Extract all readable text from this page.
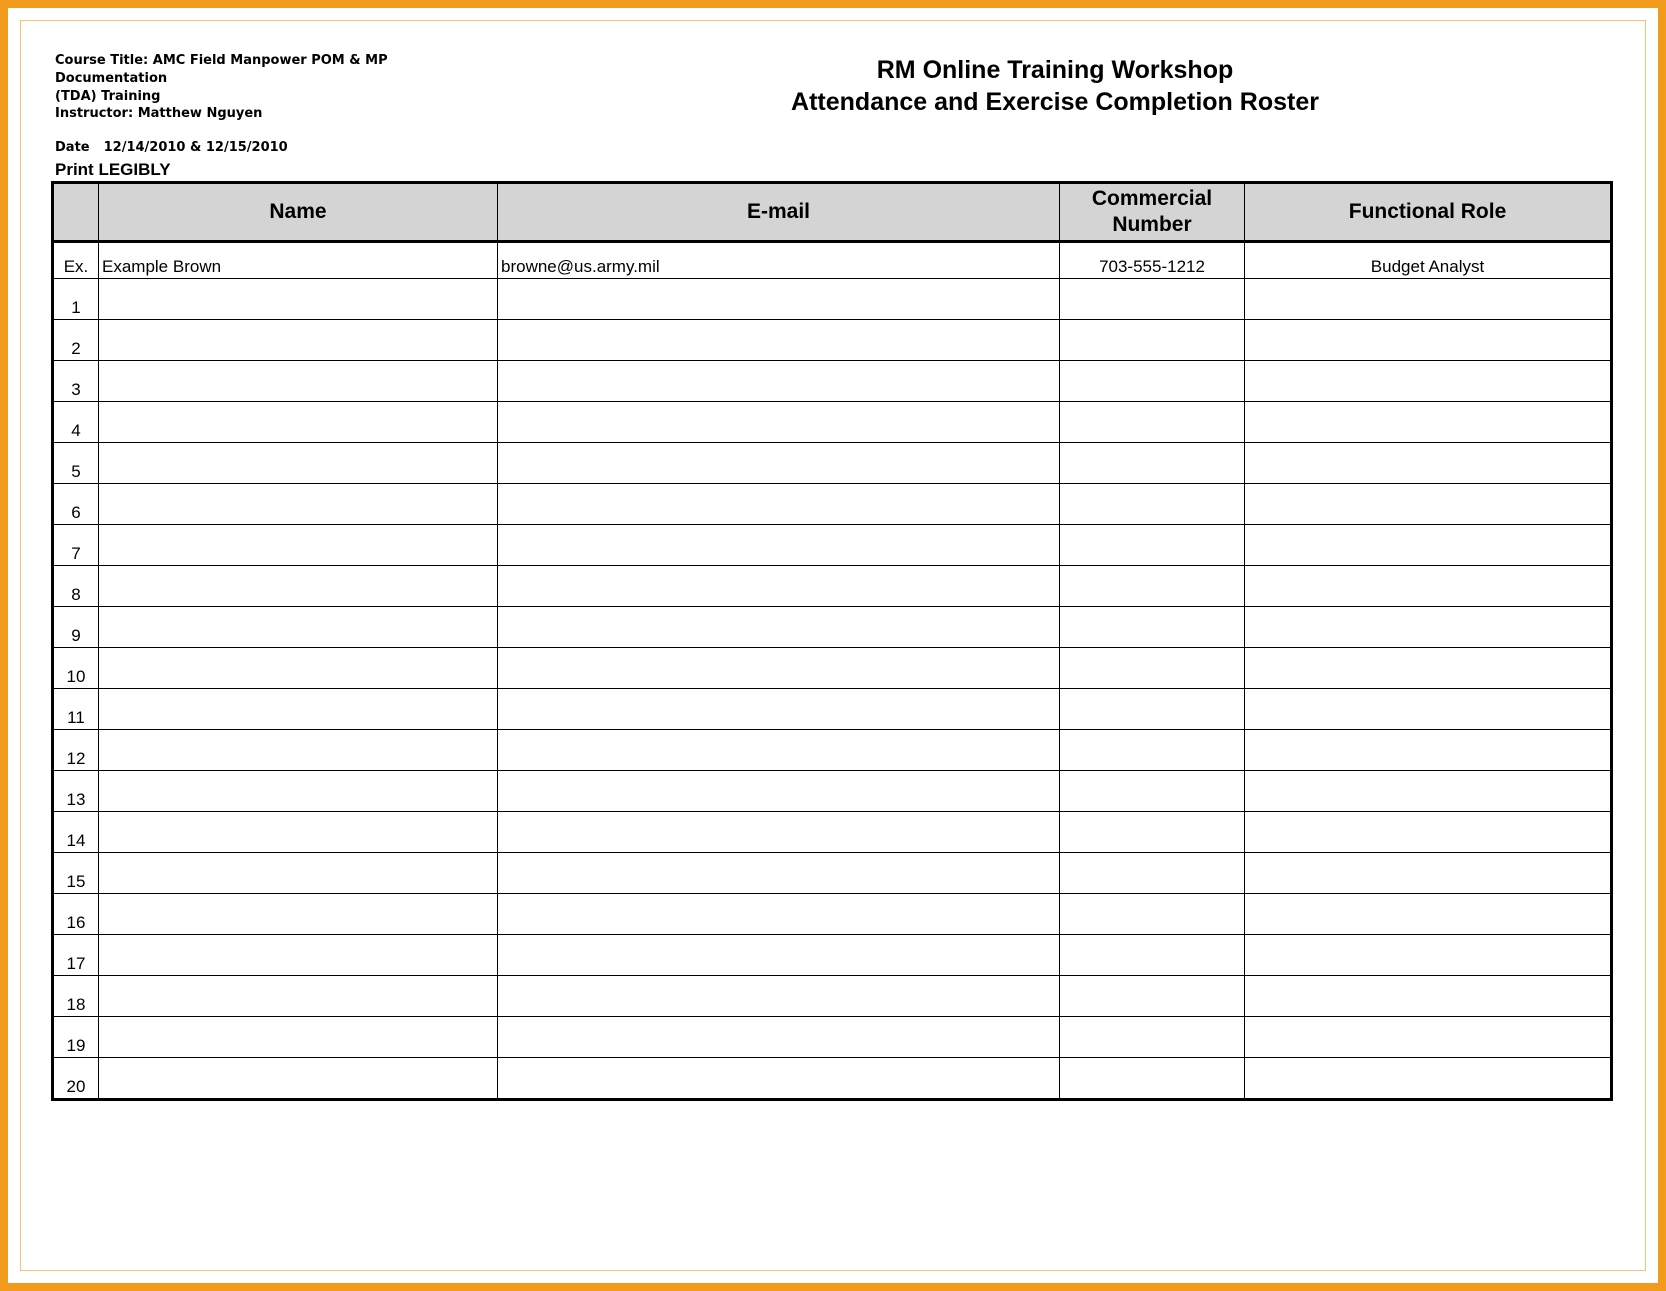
Course Title: AMC Field Manpower POM & MP Documentation
(TDA) Training
Instructor: Matthew Nguyen
Date 12/14/2010 & 12/15/2010
Print LEGIBLY
RM Online Training Workshop
Attendance and Exercise Completion Roster
	Name	E-mail	Commercial Number	Functional Role
Ex.	Example Brown	browne@us.army.mil	703-555-1212	Budget Analyst
1				
2				
3				
4				
5				
6				
7				
8				
9				
10				
11				
12				
13				
14				
15				
16				
17				
18				
19				
20				
